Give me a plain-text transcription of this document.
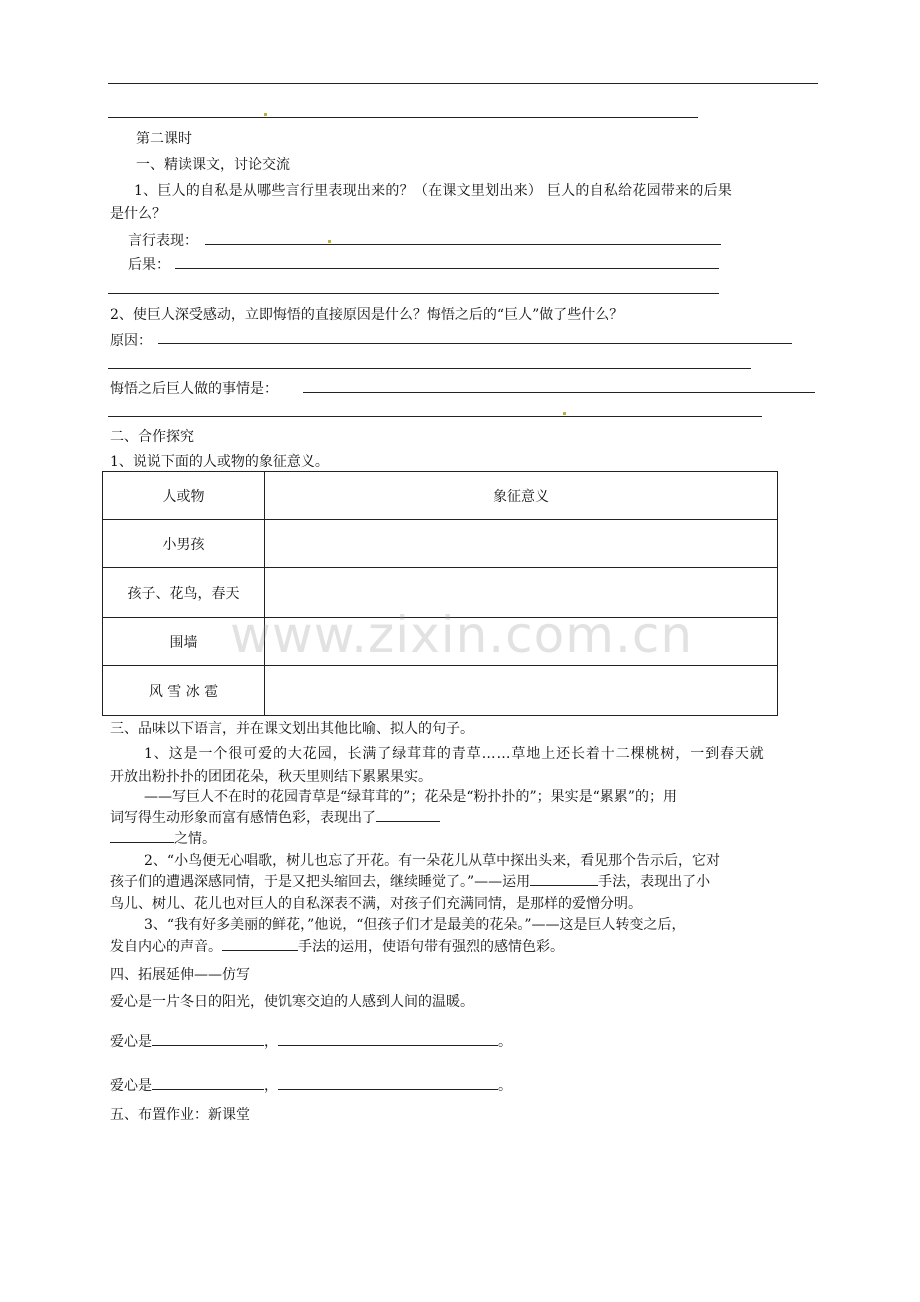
第二课时
一、精读课文，讨论交流
1、巨人的自私是从哪些言行里表现出来的？（在课文里划出来） 巨人的自私给花园带来的后果
是什么？
言行表现：
后果：
2、使巨人深受感动，立即悔悟的直接原因是什么？悔悟之后的“巨人”做了些什么？
原因：
悔悟之后巨人做的事情是：
二、合作探究
1、说说下面的人或物的象征意义。
人或物	象征意义
小男孩	
孩子、花鸟，春天	
围墙	
风 雪 冰 雹	
www.zixin.com.cn
三、品味以下语言，并在课文划出其他比喻、拟人的句子。
1、这是一个很可爱的大花园，长满了绿茸茸的青草……草地上还长着十二棵桃树，一到春天就
开放出粉扑扑的团团花朵，秋天里则结下累累果实。
——写巨人不在时的花园青草是“绿茸茸的”；花朵是“粉扑扑的”；果实是“累累”的；用
词写得生动形象而富有感情色彩，表现出了
之情。
2、“小鸟便无心唱歌，树儿也忘了开花。有一朵花儿从草中探出头来，看见那个告示后，它对
孩子们的遭遇深感同情，于是又把头缩回去，继续睡觉了。”——运用	手法，表现出了小
鸟儿、树儿、花儿也对巨人的自私深表不满，对孩子们充满同情，是那样的爱憎分明。
3、“我有好多美丽的鲜花，”他说，“但孩子们才是最美的花朵。”——这是巨人转变之后，
发自内心的声音。	手法的运用，使语句带有强烈的感情色彩。
四、拓展延伸——仿写
爱心是一片冬日的阳光，使饥寒交迫的人感到人间的温暖。
爱心是	，	。
爱心是	，	。
五、布置作业：新课堂
